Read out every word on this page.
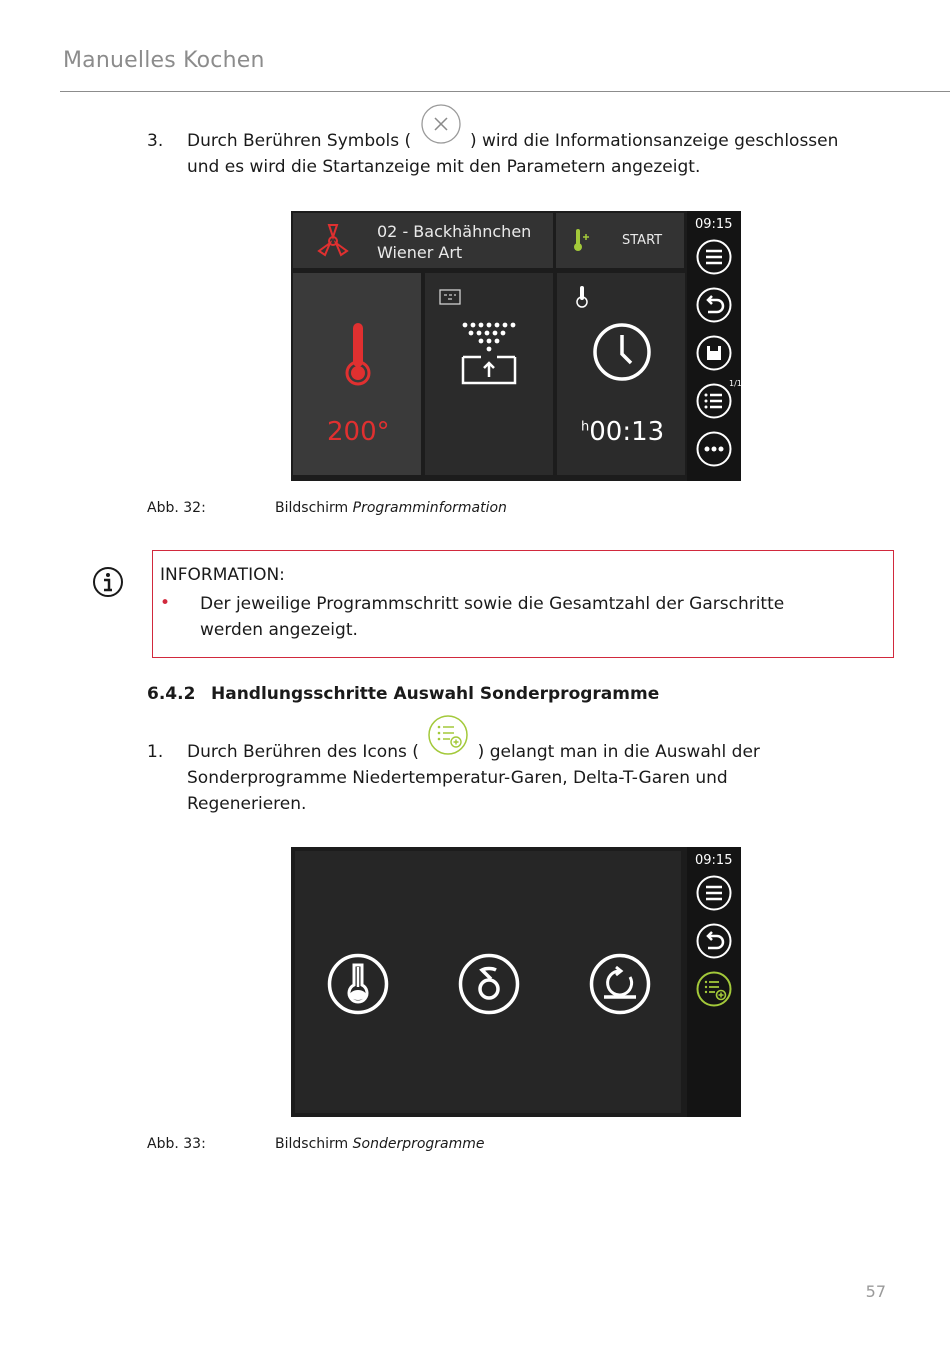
Manuelles Kochen
3. Durch Berühren Symbols (	) wird die Informationsanzeige geschlossen
und es wird die Startanzeige mit den Parametern angezeigt.
02 - Backhähnchen
Wiener Art
START
200°	$^h$00:13
09:15
1/1
Abb. 32:	Bildschirm Programminformation
INFORMATION:
• Der jeweilige Programmschritt sowie die Gesamtzahl der Garschritte
werden angezeigt.
6.4.2 Handlungsschritte Auswahl Sonderprogramme
1. Durch Berühren des Icons (	) gelangt man in die Auswahl der
Sonderprogramme Niedertemperatur-Garen, Delta-T-Garen und
Regenerieren.
09:15
Abb. 33:	Bildschirm Sonderprogramme
57
